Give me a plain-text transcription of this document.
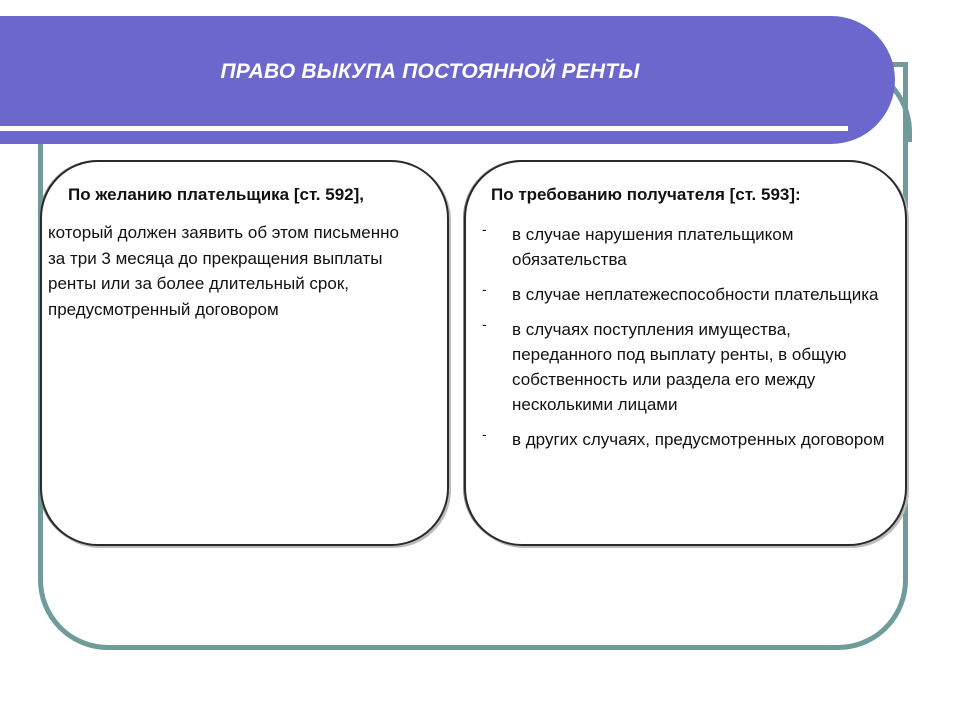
ПРАВО ВЫКУПА ПОСТОЯННОЙ РЕНТЫ
По желанию плательщика [ст. 592],
который должен заявить об этом письменно за три 3 месяца до прекращения выплаты ренты или за более длительный срок, предусмотренный договором
По требованию получателя [ст. 593]:
-	в случае нарушения плательщиком обязательства
-	в случае неплатежеспособности плательщика
-	в случаях поступления имущества, переданного под выплату ренты, в общую собственность или раздела его между несколькими лицами
-	в других случаях, предусмотренных договором
